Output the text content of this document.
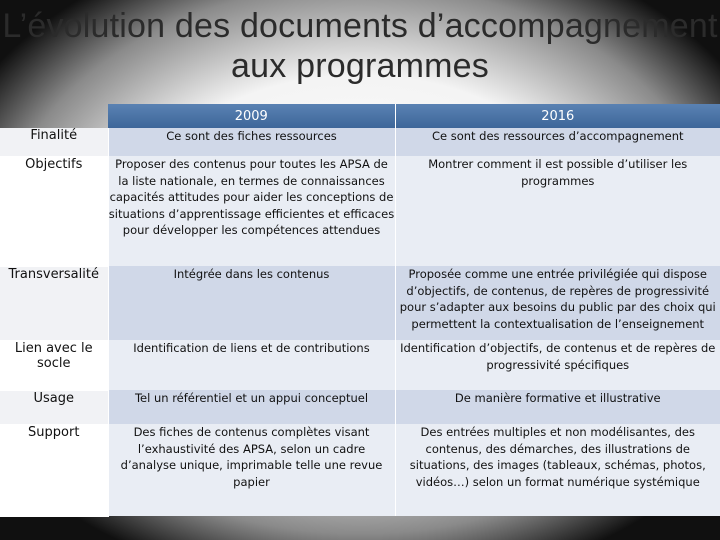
L’évolution des documents d’accompagnement
aux programmes
	2009	2016
Finalité	Ce sont des fiches ressources	Ce sont des ressources d’accompagnement
Objectifs	Proposer des contenus pour toutes les APSA de la liste nationale, en termes de connaissances capacités attitudes pour aider les conceptions de situations d’apprentissage efficientes et efficaces pour développer les compétences attendues	Montrer comment il est possible d’utiliser les programmes
Transversalité	Intégrée dans les contenus	Proposée comme une entrée privilégiée qui dispose d’objectifs, de contenus, de repères de progressivité pour s’adapter aux besoins du public par des choix qui permettent la contextualisation de l’enseignement
Lien avec le socle	Identification de liens et de contributions	Identification d’objectifs, de contenus et de repères de progressivité spécifiques
Usage	Tel un référentiel et un appui conceptuel	De manière formative et illustrative
Support	Des fiches de contenus complètes visant l’exhaustivité des APSA, selon un cadre d’analyse unique, imprimable telle une revue papier	Des entrées multiples et non modélisantes, des contenus, des démarches, des illustrations de situations, des images (tableaux, schémas, photos, vidéos…) selon un format numérique systémique
